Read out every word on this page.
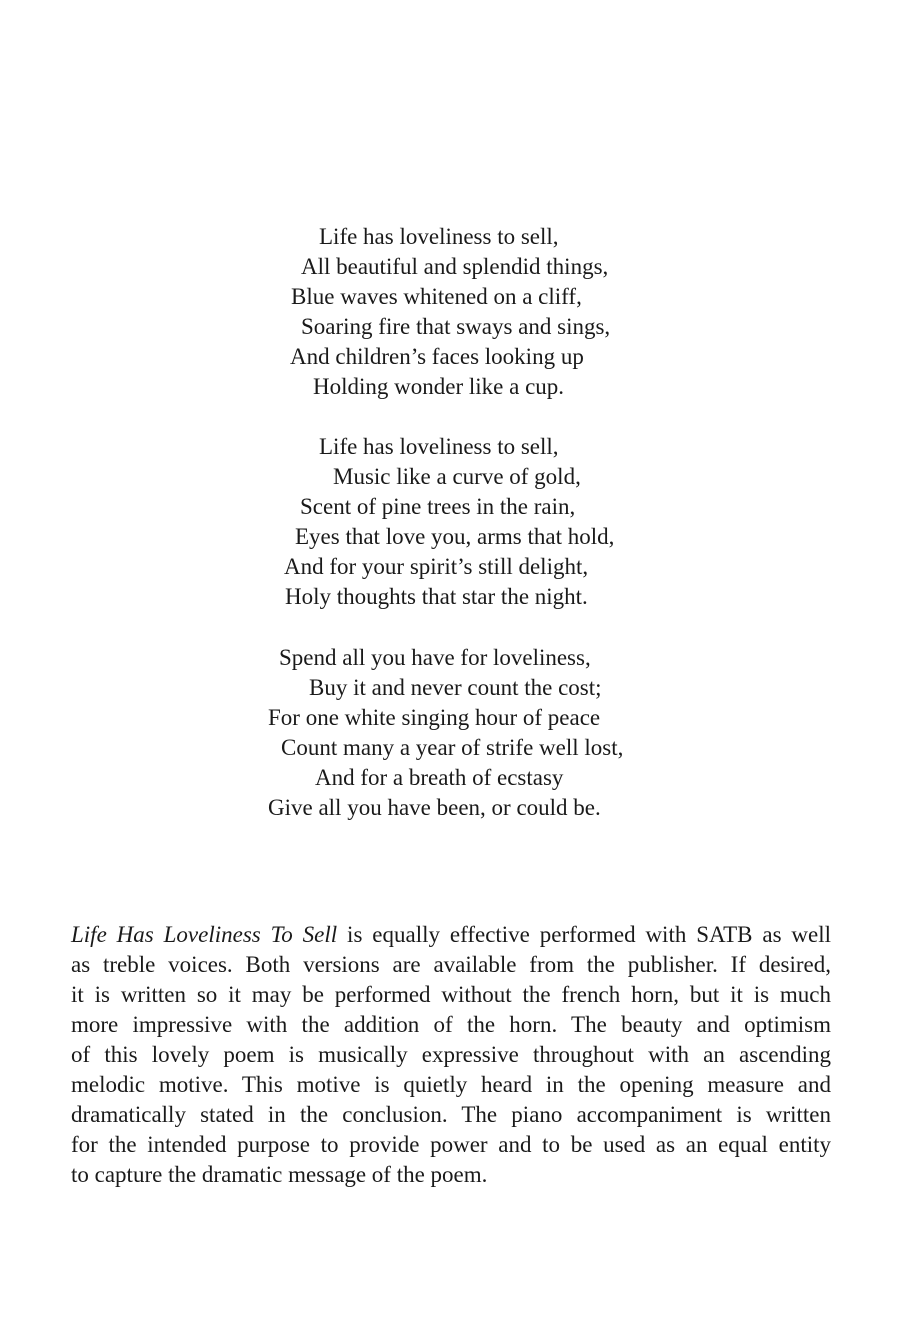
Life has loveliness to sell,
All beautiful and splendid things,
Blue waves whitened on a cliff,
Soaring fire that sways and sings,
And children’s faces looking up
Holding wonder like a cup.
Life has loveliness to sell,
Music like a curve of gold,
Scent of pine trees in the rain,
Eyes that love you, arms that hold,
And for your spirit’s still delight,
Holy thoughts that star the night.
Spend all you have for loveliness,
Buy it and never count the cost;
For one white singing hour of peace
Count many a year of strife well lost,
And for a breath of ecstasy
Give all you have been, or could be.
Life Has Loveliness To Sell is equally effective performed with SATB as well
as treble voices. Both versions are available from the publisher. If desired,
it is written so it may be performed without the french horn, but it is much
more impressive with the addition of the horn. The beauty and optimism
of this lovely poem is musically expressive throughout with an ascending
melodic motive. This motive is quietly heard in the opening measure and
dramatically stated in the conclusion. The piano accompaniment is written
for the intended purpose to provide power and to be used as an equal entity
to capture the dramatic message of the poem.
